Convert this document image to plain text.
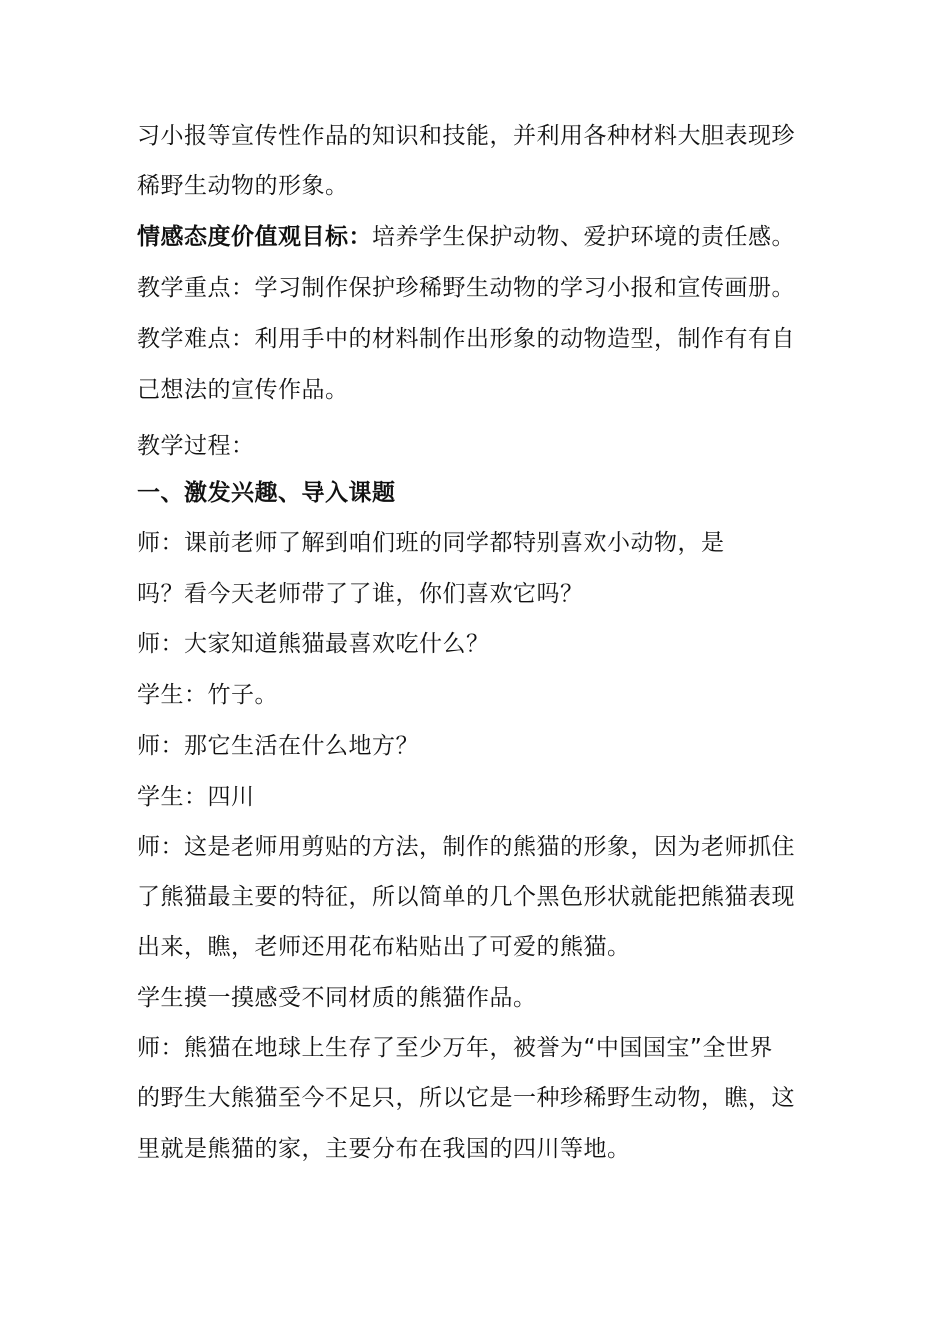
习小报等宣传性作品的知识和技能，并利用各种材料大胆表现珍
稀野生动物的形象。
情感态度价值观目标：培养学生保护动物、爱护环境的责任感。
教学重点：学习制作保护珍稀野生动物的学习小报和宣传画册。
教学难点：利用手中的材料制作出形象的动物造型，制作有有自
己想法的宣传作品。
教学过程：
一、激发兴趣、导入课题
师：课前老师了解到咱们班的同学都特别喜欢小动物，是
吗？看今天老师带了了谁，你们喜欢它吗？
师：大家知道熊猫最喜欢吃什么？
学生：竹子。
师：那它生活在什么地方？
学生：四川
师：这是老师用剪贴的方法，制作的熊猫的形象，因为老师抓住
了熊猫最主要的特征，所以简单的几个黑色形状就能把熊猫表现
出来，瞧，老师还用花布粘贴出了可爱的熊猫。
学生摸一摸感受不同材质的熊猫作品。
师：熊猫在地球上生存了至少万年，被誉为“中国国宝”全世界
的野生大熊猫至今不足只，所以它是一种珍稀野生动物，瞧，这
里就是熊猫的家，主要分布在我国的四川等地。
